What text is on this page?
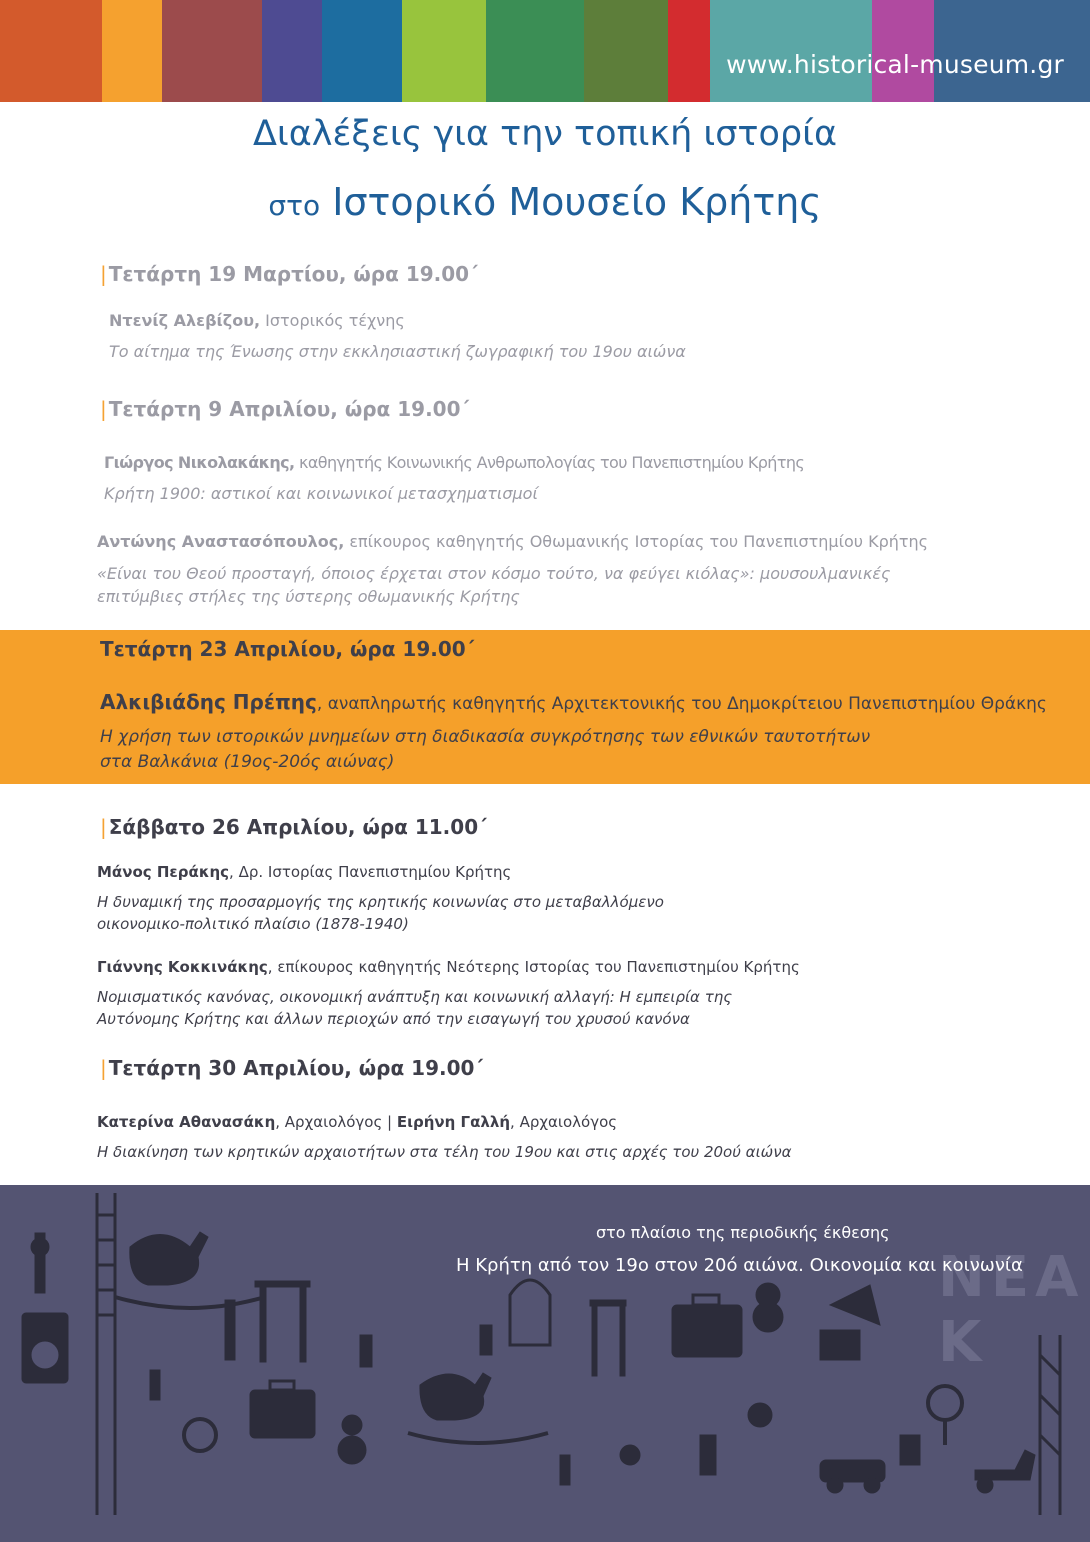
www.historical-museum.gr
Διαλέξεις για την τοπική ιστορία
στο Ιστορικό Μουσείο Κρήτης
| Τετάρτη 19 Μαρτίου, ώρα 19.00΄
Ντενίζ Αλεβίζου, Ιστορικός τέχνης
Το αίτημα της Ένωσης στην εκκλησιαστική ζωγραφική του 19ου αιώνα
| Τετάρτη 9 Απριλίου, ώρα 19.00΄
Γιώργος Νικολακάκης, καθηγητής Κοινωνικής Ανθρωπολογίας του Πανεπιστημίου Κρήτης
Κρήτη 1900: αστικοί και κοινωνικοί μετασχηματισμοί
Αντώνης Αναστασόπουλος, επίκουρος καθηγητής Οθωμανικής Ιστορίας του Πανεπιστημίου Κρήτης
«Είναι του Θεού προσταγή, όποιος έρχεται στον κόσμο τούτο, να φεύγει κιόλας»: μουσουλμανικές
επιτύμβιες στήλες της ύστερης οθωμανικής Κρήτης
Τετάρτη 23 Απριλίου, ώρα 19.00΄
Αλκιβιάδης Πρέπης, αναπληρωτής καθηγητής Αρχιτεκτονικής του Δημοκρίτειου Πανεπιστημίου Θράκης
Η χρήση των ιστορικών μνημείων στη διαδικασία συγκρότησης των εθνικών ταυτοτήτων
στα Βαλκάνια (19ος-20ός αιώνας)
| Σάββατο 26 Απριλίου, ώρα 11.00΄
Μάνος Περάκης, Δρ. Ιστορίας Πανεπιστημίου Κρήτης
Η δυναμική της προσαρμογής της κρητικής κοινωνίας στο μεταβαλλόμενο
οικονομικο-πολιτικό πλαίσιο (1878-1940)
Γιάννης Κοκκινάκης, επίκουρος καθηγητής Νεότερης Ιστορίας του Πανεπιστημίου Κρήτης
Νομισματικός κανόνας, οικονομική ανάπτυξη και κοινωνική αλλαγή: Η εμπειρία της
Αυτόνομης Κρήτης και άλλων περιοχών από την εισαγωγή του χρυσού κανόνα
| Τετάρτη 30 Απριλίου, ώρα 19.00΄
Κατερίνα Αθανασάκη, Αρχαιολόγος | Ειρήνη Γαλλή, Αρχαιολόγος
Η διακίνηση των κρητικών αρχαιοτήτων στα τέλη του 19ου και στις αρχές του 20ού αιώνα
ΝΕΑ Κ
στο πλαίσιο της περιοδικής έκθεσης
Η Κρήτη από τον 19ο στον 20ό αιώνα. Οικονομία και κοινωνία
